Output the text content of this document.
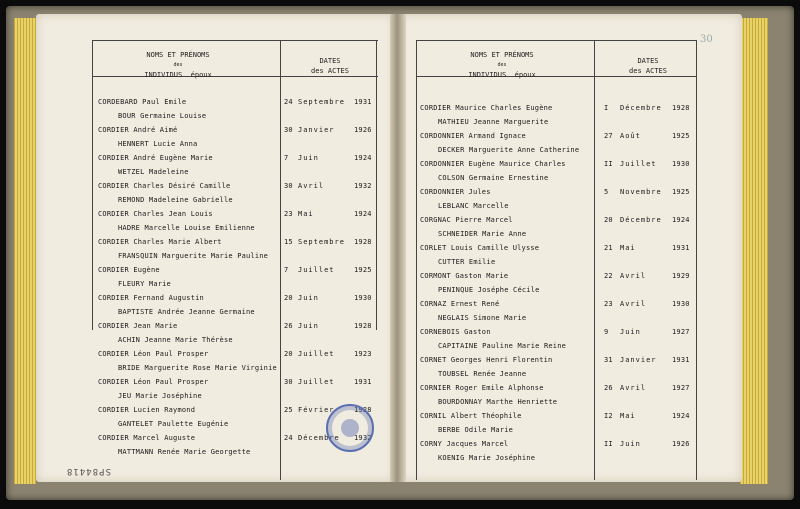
NOMS ET PRÉNOMS
des
INDIVIDUS époux
DATES
des ACTES
CORDEBARD Paul Emile
BOUR Germaine Louise
24 Septembre 1931
CORDIER André Aimé
HENNERT Lucie Anna
30 Janvier	1926
CORDIER André Eugène Marie
WETZEL Madeleine
7 Juin	1924
CORDIER Charles Désiré Camille
REMOND Madeleine Gabrielle
30 Avril	1932
CORDIER Charles Jean Louis
HADRE Marcelle Louise Emilienne
23 Mai	1924
CORDIER Charles Marie Albert
FRANSQUIN Marguerite Marie Pauline
15 Septembre 1928
CORDIER Eugène
FLEURY Marie
7 Juillet	1925
CORDIER Fernand Augustin
BAPTISTE Andrée Jeanne Germaine
20 Juin	1930
CORDIER Jean Marie
ACHIN Jeanne Marie Thérèse
26 Juin	1928
CORDIER Léon Paul Prosper
BRIDE Marguerite Rose Marie Virginie
20 Juillet	1923
CORDIER Léon Paul Prosper
JEU Marie Joséphine
30 Juillet	1931
CORDIER Lucien Raymond
GANTELET Paulette Eugénie
25 Février	1928
CORDIER Marcel Auguste
MATTMANN Renée Marie Georgette
24 Décembre 1932
NOMS ET PRÉNOMS
des
INDIVIDUS époux
DATES
des ACTES
30
CORDIER Maurice Charles Eugène
MATHIEU Jeanne Marguerite
I Décembre 1928
CORDONNIER Armand Ignace
DECKER Marguerite Anne Catherine
27 Août	1925
CORDONNIER Eugène Maurice Charles
COLSON Germaine Ernestine
II Juillet 1930
CORDONNIER Jules
LEBLANC Marcelle
5 Novembre 1925
CORGNAC Pierre Marcel
SCHNEIDER Marie Anne
20 Décembre 1924
CORLET Louis Camille Ulysse
CUTTER Emilie
21 Mai	1931
CORMONT Gaston Marie
PENINQUE Joséphe Cécile
22 Avril	1929
CORNAZ Ernest René
NEGLAIS Simone Marie
23 Avril	1930
CORNEBOIS Gaston
CAPITAINE Pauline Marie Reine
9 Juin	1927
CORNET Georges Henri Florentin
TOUBSEL Renée Jeanne
31 Janvier 1931
CORNIER Roger Emile Alphonse
BOURDONNAY Marthe Henriette
26 Avril	1927
CORNIL Albert Théophile
BERBE Odile Marie
I2 Mai	1924
CORNY Jacques Marcel
KOENIG Marie Joséphine
II Juin	1926
SP84418
